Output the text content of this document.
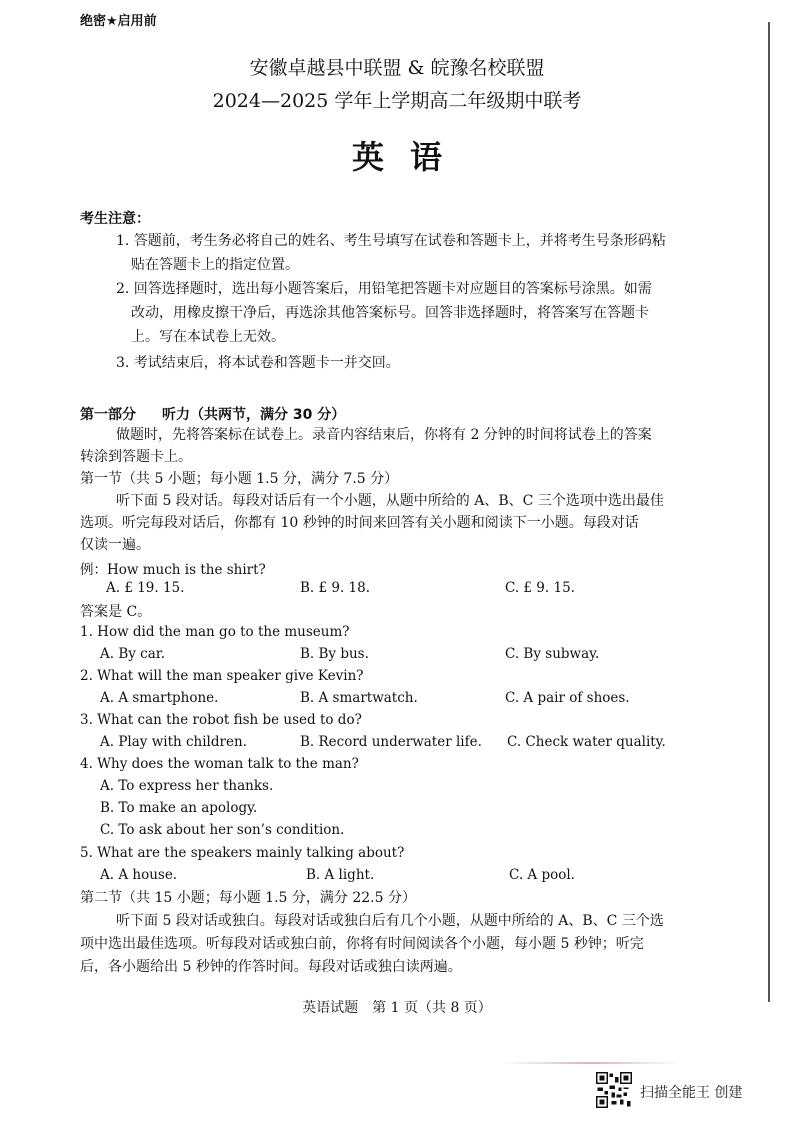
绝密★启用前
安徽卓越县中联盟 & 皖豫名校联盟
2024—2025 学年上学期高二年级期中联考
英语
考生注意：
1. 答题前，考生务必将自己的姓名、考生号填写在试卷和答题卡上，并将考生号条形码粘
贴在答题卡上的指定位置。
2. 回答选择题时，选出每小题答案后，用铅笔把答题卡对应题目的答案标号涂黑。如需
改动，用橡皮擦干净后，再选涂其他答案标号。回答非选择题时，将答案写在答题卡
上。写在本试卷上无效。
3. 考试结束后，将本试卷和答题卡一并交回。
第一部分 听力（共两节，满分 30 分）
做题时，先将答案标在试卷上。录音内容结束后，你将有 2 分钟的时间将试卷上的答案
转涂到答题卡上。
第一节（共 5 小题；每小题 1.5 分，满分 7.5 分）
听下面 5 段对话。每段对话后有一个小题，从题中所给的 A、B、C 三个选项中选出最佳
选项。听完每段对话后，你都有 10 秒钟的时间来回答有关小题和阅读下一小题。每段对话
仅读一遍。
例：How much is the shirt?
A. £ 19. 15.	B. £ 9. 18.	C. £ 9. 15.
答案是 C。
1. How did the man go to the museum?
A. By car.	B. By bus.	C. By subway.
2. What will the man speaker give Kevin?
A. A smartphone.	B. A smartwatch.	C. A pair of shoes.
3. What can the robot fish be used to do?
A. Play with children.	B. Record underwater life. C. Check water quality.
4. Why does the woman talk to the man?
A. To express her thanks.
B. To make an apology.
C. To ask about her son’s condition.
5. What are the speakers mainly talking about?
A. A house.	B. A light.	C. A pool.
第二节（共 15 小题；每小题 1.5 分，满分 22.5 分）
听下面 5 段对话或独白。每段对话或独白后有几个小题，从题中所给的 A、B、C 三个选
项中选出最佳选项。听每段对话或独白前，你将有时间阅读各个小题，每小题 5 秒钟；听完
后，各小题给出 5 秒钟的作答时间。每段对话或独白读两遍。
英语试题　第 1 页（共 8 页）
扫描全能王 创建
